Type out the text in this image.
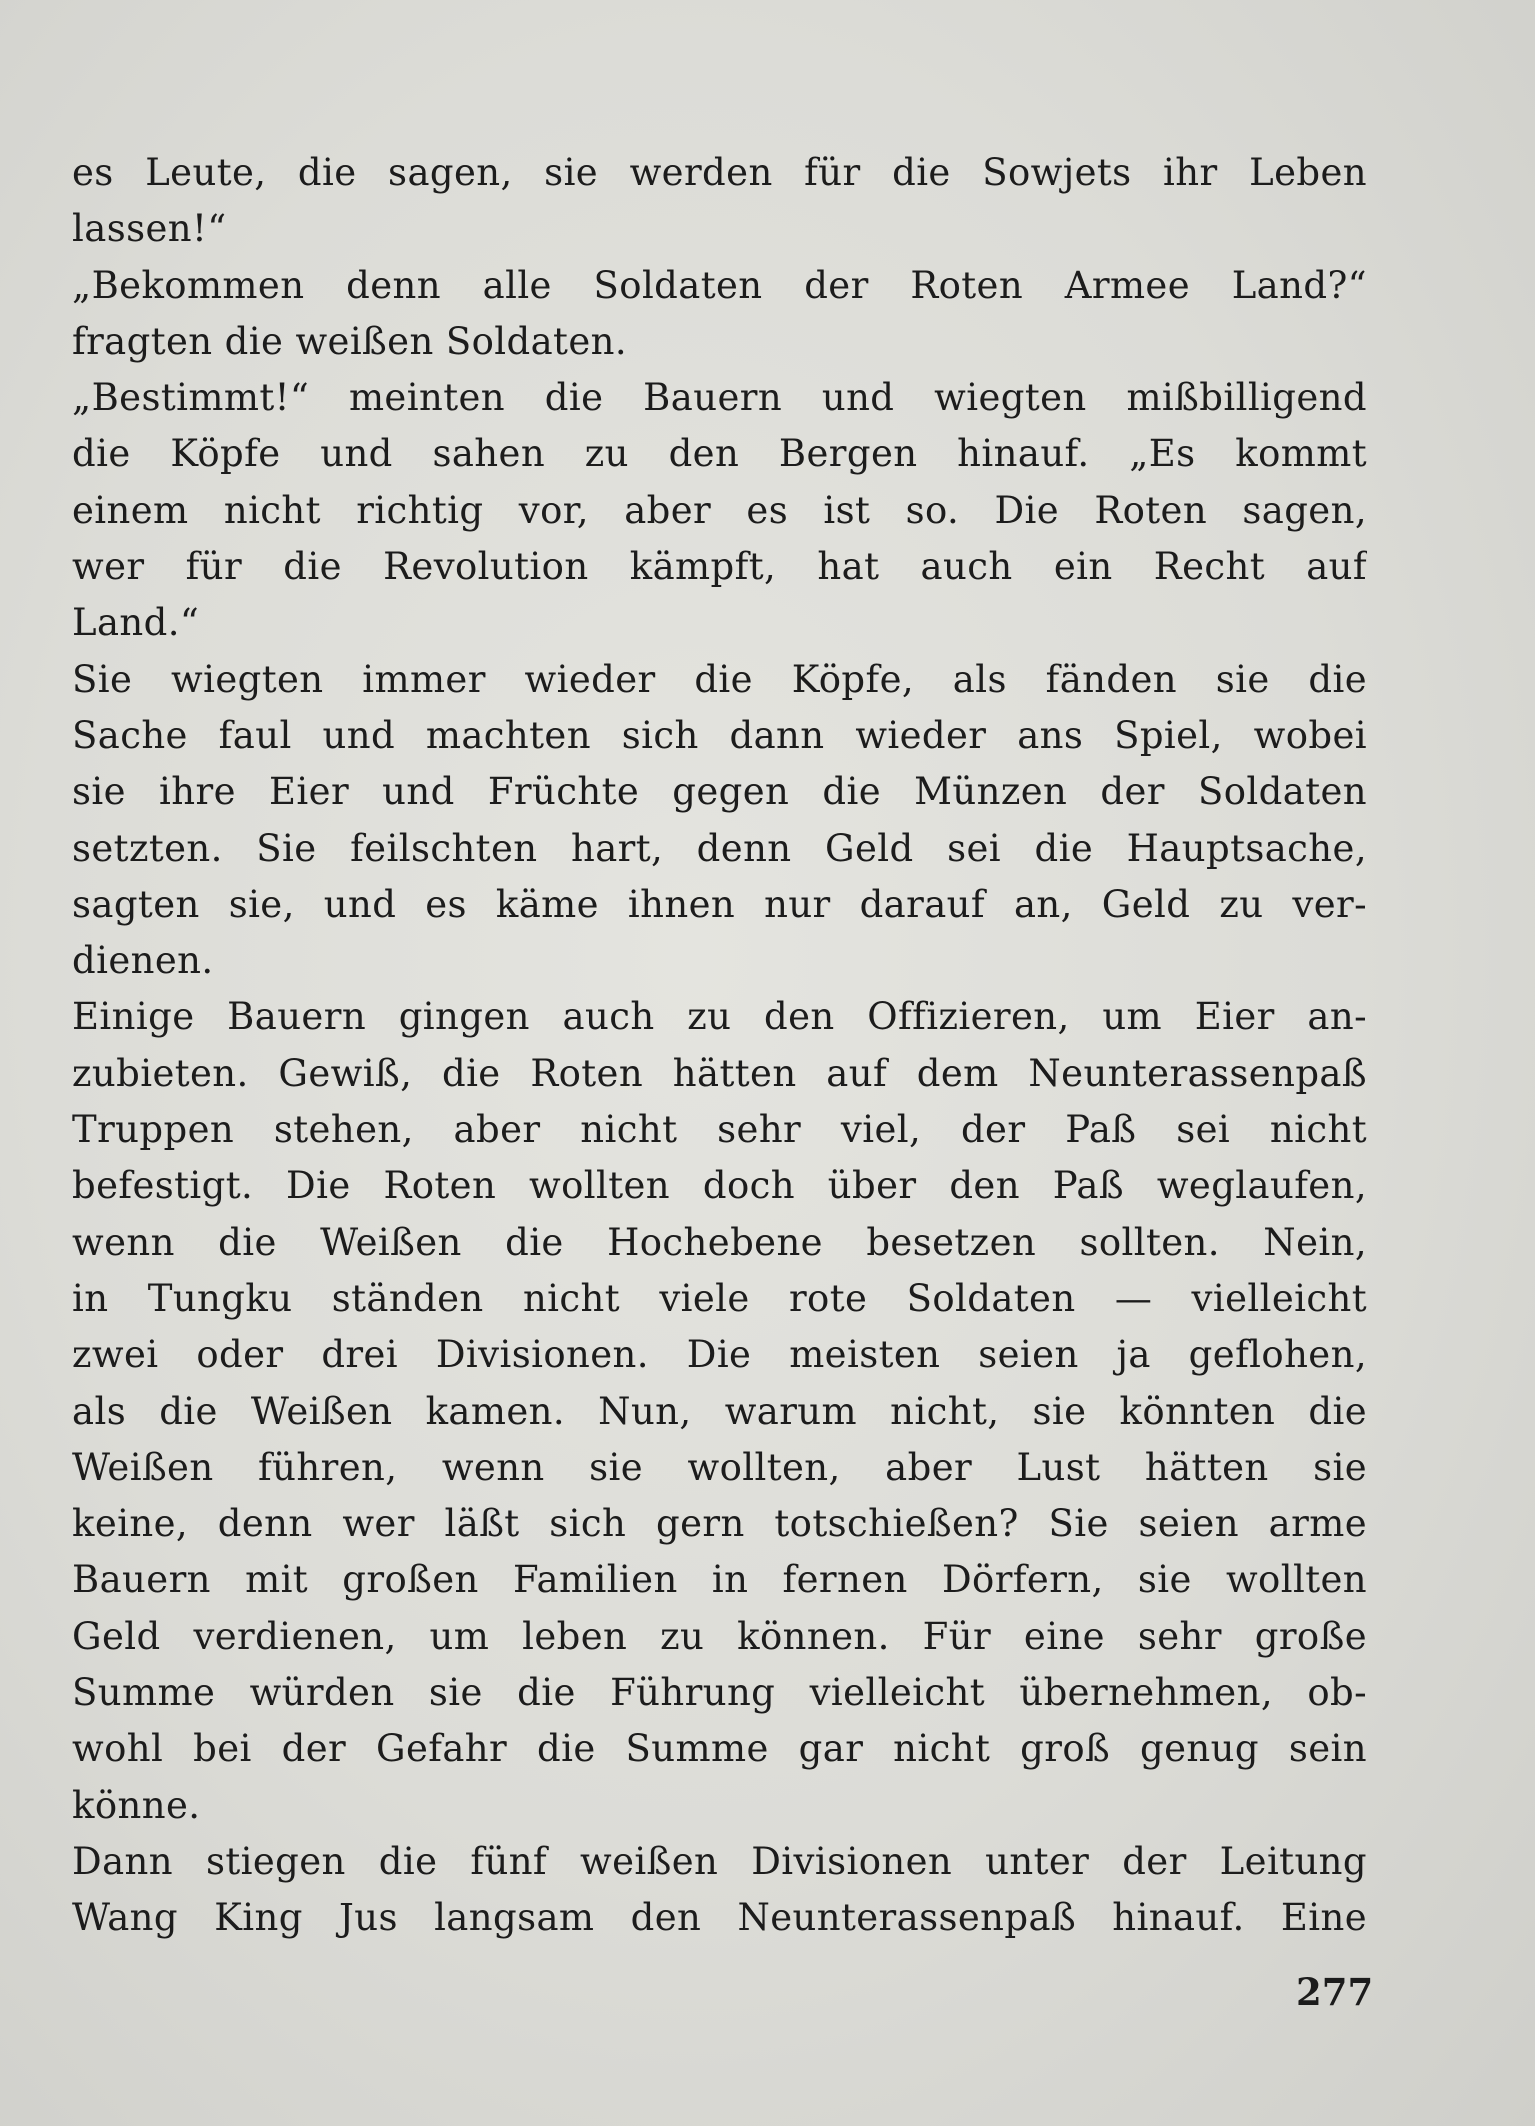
es Leute, die sagen, sie werden für die Sowjets ihr Leben
lassen!“
„Bekommen denn alle Soldaten der Roten Armee Land?“
fragten die weißen Soldaten.
„Bestimmt!“ meinten die Bauern und wiegten mißbilligend
die Köpfe und sahen zu den Bergen hinauf. „Es kommt
einem nicht richtig vor, aber es ist so. Die Roten sagen,
wer für die Revolution kämpft, hat auch ein Recht auf
Land.“
Sie wiegten immer wieder die Köpfe, als fänden sie die
Sache faul und machten sich dann wieder ans Spiel, wobei
sie ihre Eier und Früchte gegen die Münzen der Soldaten
setzten. Sie feilschten hart, denn Geld sei die Hauptsache,
sagten sie, und es käme ihnen nur darauf an, Geld zu ver-
dienen.
Einige Bauern gingen auch zu den Offizieren, um Eier an-
zubieten. Gewiß, die Roten hätten auf dem Neunterassenpaß
Truppen stehen, aber nicht sehr viel, der Paß sei nicht
befestigt. Die Roten wollten doch über den Paß weglaufen,
wenn die Weißen die Hochebene besetzen sollten. Nein,
in Tungku ständen nicht viele rote Soldaten — vielleicht
zwei oder drei Divisionen. Die meisten seien ja geflohen,
als die Weißen kamen. Nun, warum nicht, sie könnten die
Weißen führen, wenn sie wollten, aber Lust hätten sie
keine, denn wer läßt sich gern totschießen? Sie seien arme
Bauern mit großen Familien in fernen Dörfern, sie wollten
Geld verdienen, um leben zu können. Für eine sehr große
Summe würden sie die Führung vielleicht übernehmen, ob-
wohl bei der Gefahr die Summe gar nicht groß genug sein
könne.
Dann stiegen die fünf weißen Divisionen unter der Leitung
Wang King Jus langsam den Neunterassenpaß hinauf. Eine
277
